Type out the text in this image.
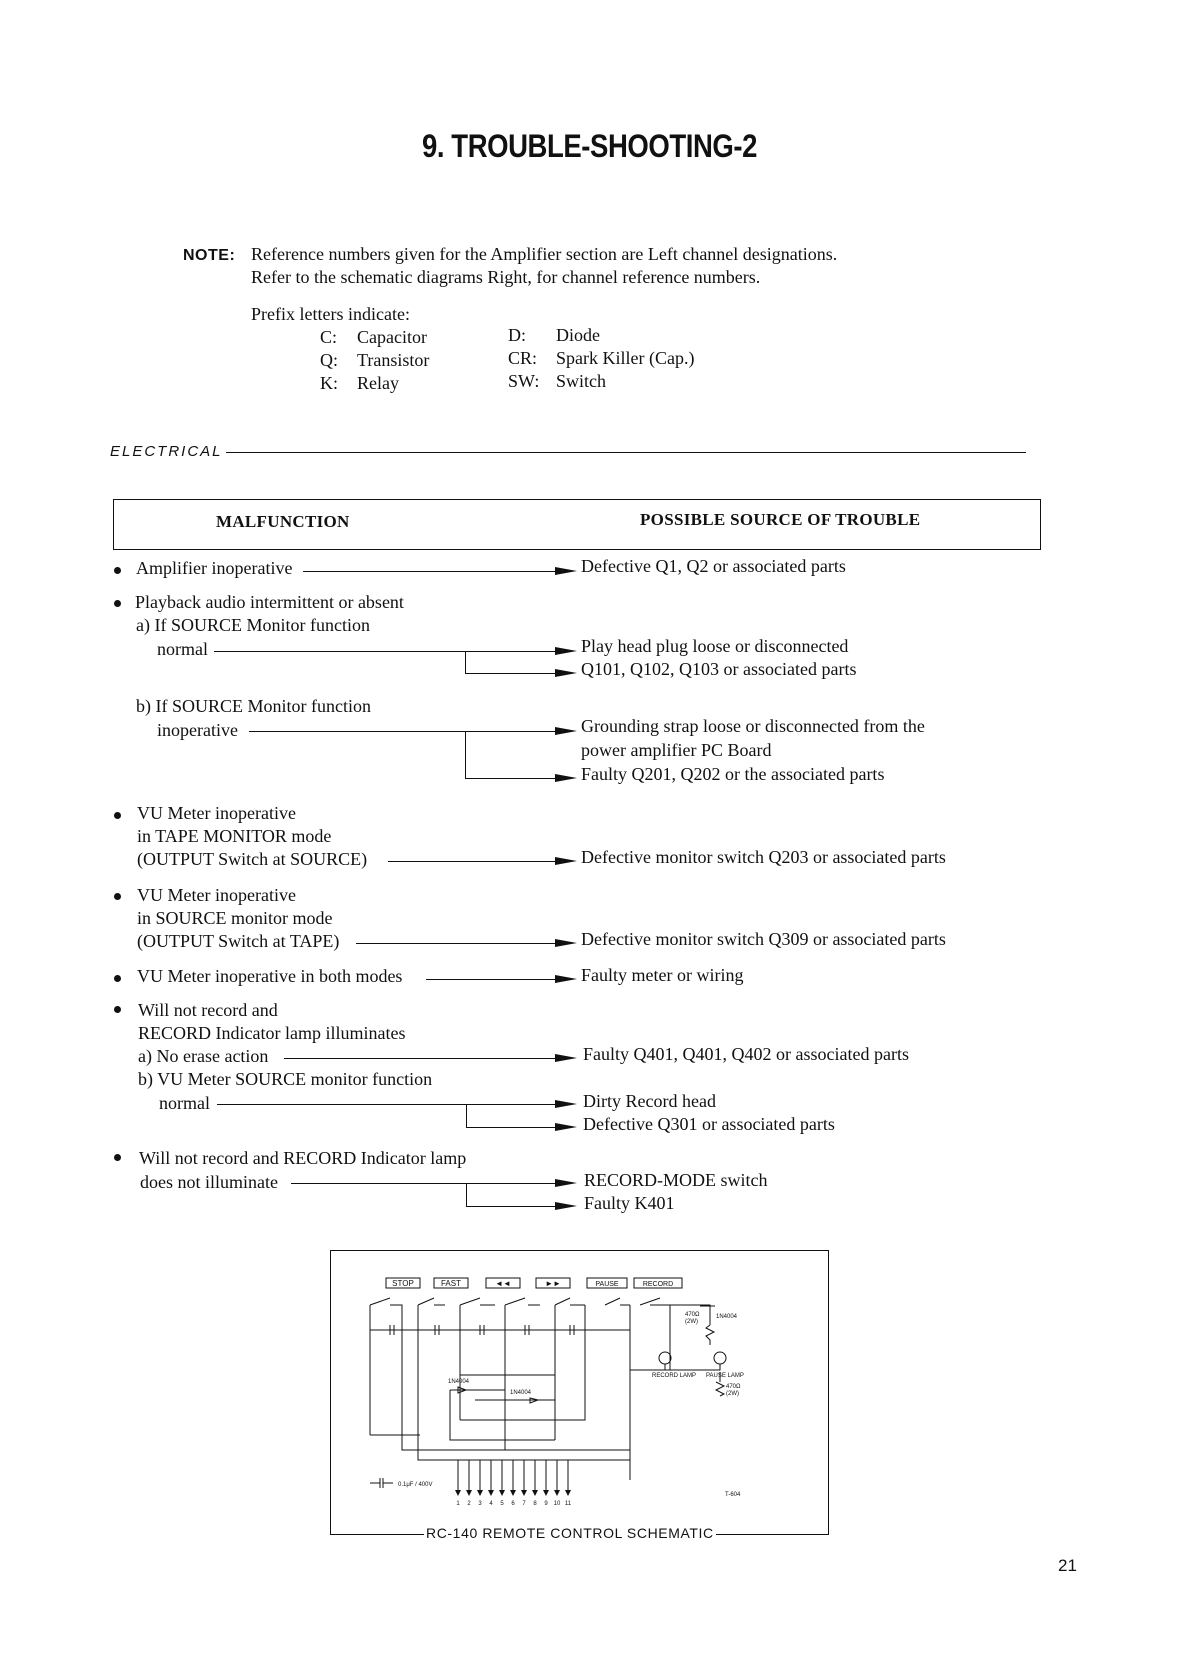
9. TROUBLE-SHOOTING-2
NOTE: Reference numbers given for the Amplifier section are Left channel designations.
Refer to the schematic diagrams Right, for channel reference numbers.
Prefix letters indicate:
C: Capacitor
Q: Transistor
K: Relay
D: Diode
CR: Spark Killer (Cap.)
SW: Switch
ELECTRICAL
MALFUNCTION	POSSIBLE SOURCE OF TROUBLE
Amplifier inoperative	Defective Q1, Q2 or associated parts
Playback audio intermittent or absent
a) If SOURCE Monitor function
normal	Play head plug loose or disconnected
Q101, Q102, Q103 or associated parts
b) If SOURCE Monitor function
inoperative	Grounding strap loose or disconnected from the
power amplifier PC Board
Faulty Q201, Q202 or the associated parts
VU Meter inoperative
in TAPE MONITOR mode
(OUTPUT Switch at SOURCE)	Defective monitor switch Q203 or associated parts
VU Meter inoperative
in SOURCE monitor mode
(OUTPUT Switch at TAPE)	Defective monitor switch Q309 or associated parts
VU Meter inoperative in both modes	Faulty meter or wiring
Will not record and
RECORD Indicator lamp illuminates
a) No erase action	Faulty Q401, Q401, Q402 or associated parts
b) VU Meter SOURCE monitor function
normal	Dirty Record head
Defective Q301 or associated parts
Will not record and RECORD Indicator lamp
does not illuminate	RECORD-MODE switch
Faulty K401
STOP	FAST	◄◄	►►	PAUSE	RECORD
470Ω
(2W)
1N4004
RECORD LAMP PAUSE LAMP
470Ω
(2W)
1N4004
1N4004
0.1μF / 400V
T-604
1 2 3 4 5 6 7 8 9 10 11
RC-140 REMOTE CONTROL SCHEMATIC
21
